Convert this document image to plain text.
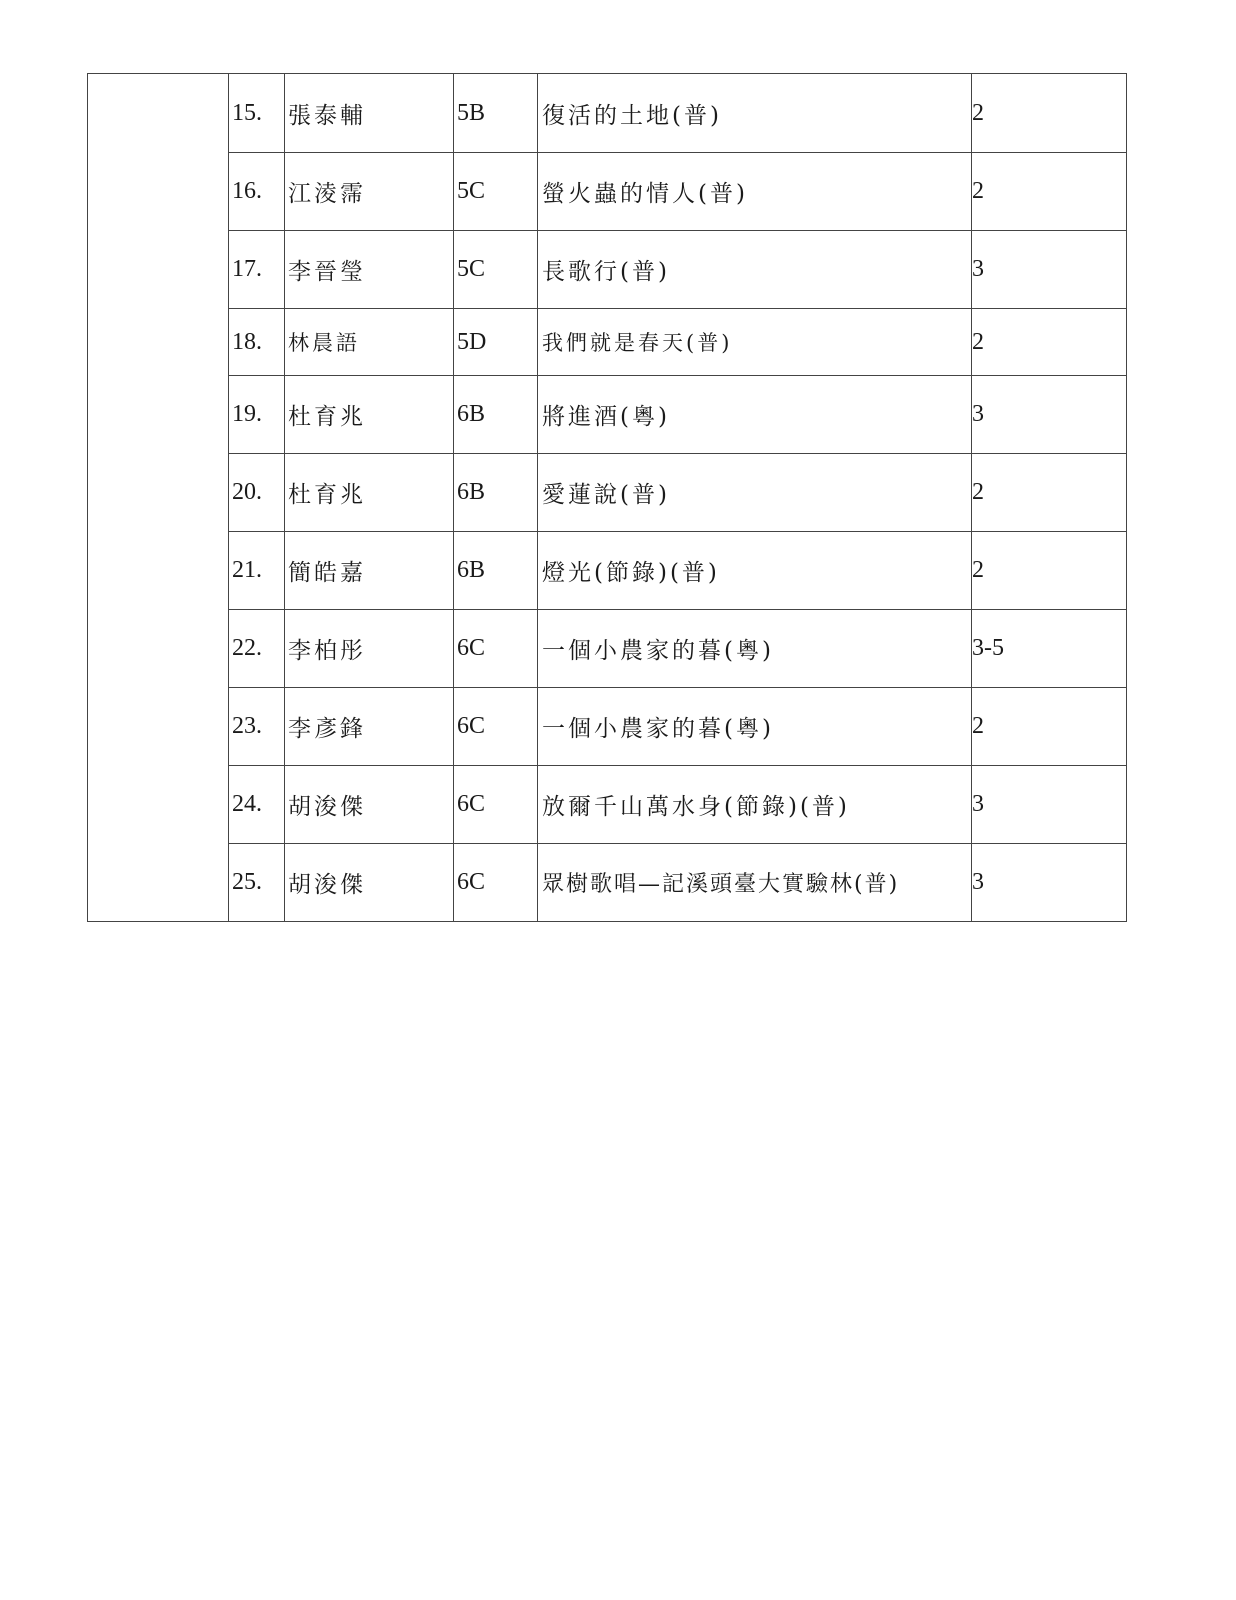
	15.	張泰輔	5B	復活的土地(普)	2
	16.	江淩霈	5C	螢火蟲的情人(普)	2
	17.	李晉瑩	5C	長歌行(普)	3
	18.	林晨語	5D	我們就是春天(普)	2
	19.	杜育兆	6B	將進酒(粵)	3
	20.	杜育兆	6B	愛蓮說(普)	2
	21.	簡皓嘉	6B	燈光(節錄)(普)	2
	22.	李柏彤	6C	一個小農家的暮(粵)	3-5
	23.	李彥鋒	6C	一個小農家的暮(粵)	2
	24.	胡浚傑	6C	放爾千山萬水身(節錄)(普)	3
	25.	胡浚傑	6C	眾樹歌唱—記溪頭臺大實驗林(普)	3
